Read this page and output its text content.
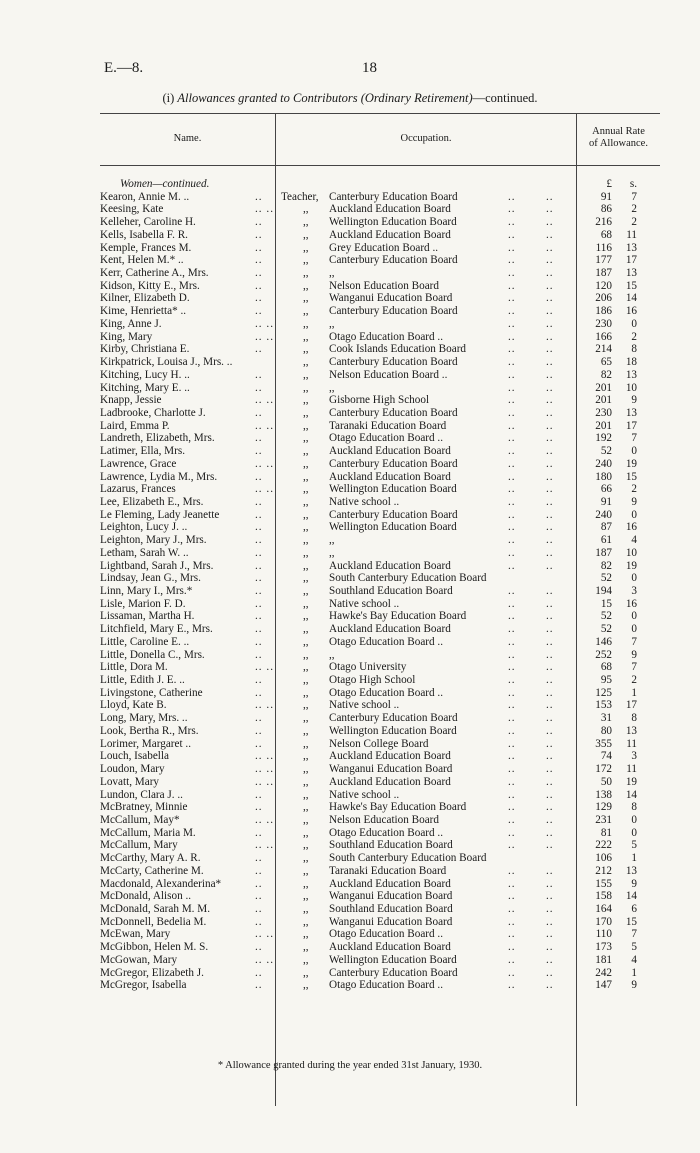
E.—8.	18
(i) Allowances granted to Contributors (Ordinary Retirement)—continued.
Name.	Occupation.
Annual Rate
of Allowance.
Women—continued.	£	s.
Kearon, Annie M. ..	.. Teacher, Canterbury Education Board	..	..	91	7
Keesing, Kate	.. ..	,, Auckland Education Board	..	..	86	2
Kelleher, Caroline H.	..	,, Wellington Education Board	..	..	216	2
Kells, Isabella F. R.	..	,, Auckland Education Board	..	..	68	11
Kemple, Frances M.	..	,, Grey Education Board ..	..	..	116	13
Kent, Helen M.* ..	..	,, Canterbury Education Board	..	..	177	17
Kerr, Catherine A., Mrs.	..	,, ,,	..	..	187	13
Kidson, Kitty E., Mrs.	..	,, Nelson Education Board	..	..	120	15
Kilner, Elizabeth D.	..	,, Wanganui Education Board	..	..	206	14
Kime, Henrietta* ..	..	,, Canterbury Education Board	..	..	186	16
King, Anne J.	.. ..	,, ,,	..	..	230	0
King, Mary	.. ..	,, Otago Education Board ..	..	..	166	2
Kirby, Christiana E.	..	,, Cook Islands Education Board	..	..	214	8
Kirkpatrick, Louisa J., Mrs. ..	,, Canterbury Education Board	..	..	65	18
Kitching, Lucy H. ..	..	,, Nelson Education Board ..	..	..	82	13
Kitching, Mary E. ..	..	,, ,,	..	..	201	10
Knapp, Jessie	.. ..	,, Gisborne High School	..	..	201	9
Ladbrooke, Charlotte J.	..	,, Canterbury Education Board	..	..	230	13
Laird, Emma P.	.. ..	,, Taranaki Education Board	..	..	201	17
Landreth, Elizabeth, Mrs.	..	,, Otago Education Board ..	..	..	192	7
Latimer, Ella, Mrs.	..	,, Auckland Education Board	..	..	52	0
Lawrence, Grace	.. ..	,, Canterbury Education Board	..	..	240	19
Lawrence, Lydia M., Mrs.	..	,, Auckland Education Board	..	..	180	15
Lazarus, Frances	.. ..	,, Wellington Education Board	..	..	66	2
Lee, Elizabeth E., Mrs.	..	,, Native school ..	..	..	91	9
Le Fleming, Lady Jeanette	..	,, Canterbury Education Board	..	..	240	0
Leighton, Lucy J. ..	..	,, Wellington Education Board	..	..	87	16
Leighton, Mary J., Mrs.	..	,, ,,	..	..	61	4
Letham, Sarah W. ..	..	,, ,,	..	..	187	10
Lightband, Sarah J., Mrs.	..	,, Auckland Education Board	..	..	82	19
Lindsay, Jean G., Mrs.	..	,, South Canterbury Education Board	52	0
Linn, Mary I., Mrs.*	..	,, Southland Education Board	..	..	194	3
Lisle, Marion F. D.	..	,, Native school ..	..	..	15	16
Lissaman, Martha H.	..	,, Hawke's Bay Education Board	..	..	52	0
Litchfield, Mary E., Mrs.	..	,, Auckland Education Board	..	..	52	0
Little, Caroline E. ..	..	,, Otago Education Board ..	..	..	146	7
Little, Donella C., Mrs.	..	,, ,,	..	..	252	9
Little, Dora M.	.. ..	,, Otago University	..	..	68	7
Little, Edith J. E. ..	..	,, Otago High School	..	..	95	2
Livingstone, Catherine	..	,, Otago Education Board ..	..	..	125	1
Lloyd, Kate B.	.. ..	,, Native school ..	..	..	153	17
Long, Mary, Mrs. ..	..	,, Canterbury Education Board	..	..	31	8
Look, Bertha R., Mrs.	..	,, Wellington Education Board	..	..	80	13
Lorimer, Margaret ..	..	,, Nelson College Board	..	..	355	11
Louch, Isabella	.. ..	,, Auckland Education Board	..	..	74	3
Loudon, Mary	.. ..	,, Wanganui Education Board	..	..	172	11
Lovatt, Mary	.. ..	,, Auckland Education Board	..	..	50	19
Lundon, Clara J. ..	..	,, Native school ..	..	..	138	14
McBratney, Minnie	..	,, Hawke's Bay Education Board	..	..	129	8
McCallum, May*	.. ..	,, Nelson Education Board	..	..	231	0
McCallum, Maria M.	..	,, Otago Education Board ..	..	..	81	0
McCallum, Mary	.. ..	,, Southland Education Board	..	..	222	5
McCarthy, Mary A. R.	..	,, South Canterbury Education Board	106	1
McCarty, Catherine M.	..	,, Taranaki Education Board	..	..	212	13
Macdonald, Alexanderina*	..	,, Auckland Education Board	..	..	155	9
McDonald, Alison ..	..	,, Wanganui Education Board	..	..	158	14
McDonald, Sarah M. M.	..	,, Southland Education Board	..	..	164	6
McDonnell, Bedelia M.	..	,, Wanganui Education Board	..	..	170	15
McEwan, Mary	.. ..	,, Otago Education Board ..	..	..	110	7
McGibbon, Helen M. S.	..	,, Auckland Education Board	..	..	173	5
McGowan, Mary	.. ..	,, Wellington Education Board	..	..	181	4
McGregor, Elizabeth J.	..	,, Canterbury Education Board	..	..	242	1
McGregor, Isabella	..	,, Otago Education Board ..	..	..	147	9
* Allowance granted during the year ended 31st January, 1930.
